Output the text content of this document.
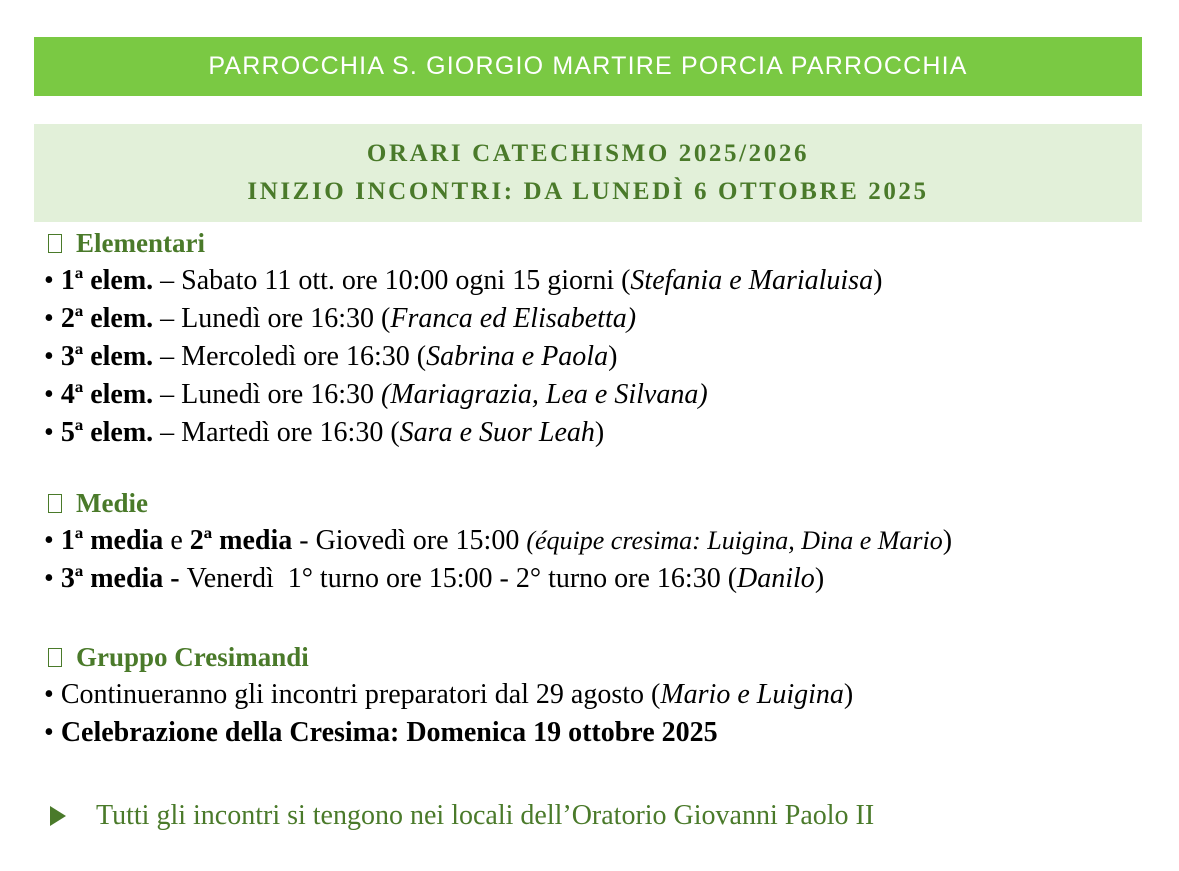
PARROCCHIA S. GIORGIO MARTIRE PORCIA PARROCCHIA
ORARI CATECHISMO 2025/2026
INIZIO INCONTRI: DA LUNEDÌ 6 OTTOBRE 2025
Elementari
• 1ª elem. – Sabato 11 ott. ore 10:00 ogni 15 giorni (Stefania e Marialuisa)
• 2ª elem. – Lunedì ore 16:30 (Franca ed Elisabetta)
• 3ª elem. – Mercoledì ore 16:30 (Sabrina e Paola)
• 4ª elem. – Lunedì ore 16:30 (Mariagrazia, Lea e Silvana)
• 5ª elem. – Martedì ore 16:30 (Sara e Suor Leah)
Medie
• 1ª media e 2ª media - Giovedì ore 15:00 (équipe cresima: Luigina, Dina e Mario)
• 3ª media - Venerdì  1° turno ore 15:00 - 2° turno ore 16:30 (Danilo)
Gruppo Cresimandi
• Continueranno gli incontri preparatori dal 29 agosto (Mario e Luigina)
• Celebrazione della Cresima: Domenica 19 ottobre 2025
Tutti gli incontri si tengono nei locali dell’Oratorio Giovanni Paolo II
